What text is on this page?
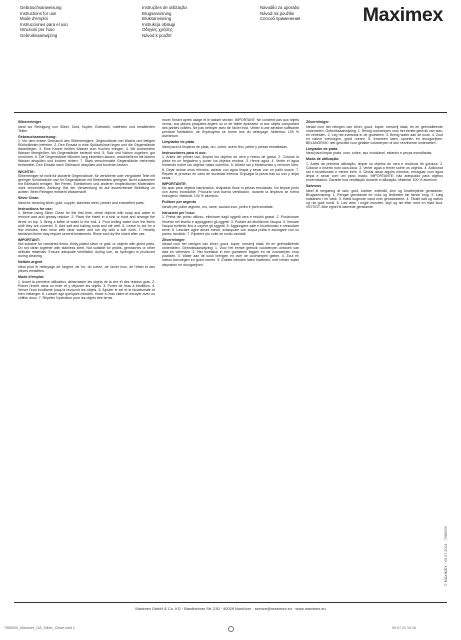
Gebrauchsanweisung
Instructions for use
Mode d'emploi
Instrucciones para el uso
Istruzioni per l'uso
Gebruiksaanwijzing
Instruções de utilização
Brugsanvisning
Bruksanvisning
Instrukcja obsługi
Οδηγίες χρήσης
Návod k použití
Navodilo za uporabo
Návod na použitie
Способ применения	Maximex
Silberreiniger

Ideal zur Reinigung von Silber, Gold, Kupfer, Edelstahl, rostfreien und emaillierten Teilen.

Gebrauchsanweisung:

1. Vor dem ersten Gebrauch des Silberreinigers, Gegenstände von Wachs und fettigen Rückständen befreien. 2. Den Einsatz in eine Spülschüssel legen und die Gegenstände darauflegen. 3. Eine Kanne heißes Wasser zum Kochen bringen. 4. Mit kochendem Wasser übergießen, bis Gegenstände bedeckt sind. 5. Salz und Natron zugeben, gut umrühren. 6. Die Gegenstände Minuten lang einwirken lassen, anschließend mit klarem Wasser abspülen und trocken reiben. 7. Stark verschmutzte Gegenstände mehrmals behandeln. Den Einsatz nach Gebrauch abspülen und trocknen lassen.

WICHTIG:

Silberreiniger ist nicht für lackierte Gegenstände, für versilberte oder vergoldete Teile mit geringer Schichtdicke und für Gegenstände mit Klebestellen geeignet. Nicht zusammen mit Edelstahl reinigen. Bei Perlen, Edelsteinen und anderen empfindlichen Materialien nicht verwenden. Achtung: Bei der Verwendung ist auf ausreichende Belüftung zu achten. Beim Reinigen entsteht Wasserstoff.

Silver Clean

Ideal for cleaning silver, gold, copper, stainless steel, pewter and enamelled parts.

Instructions for use:

1. Before using Silver Clean for the first time, clean objects with soap and water to remove wax and greasy residue. 2. Place the insert in a sink or bowl and arrange the items on top. 3. Bring a kettle of water to the boil. 4. Pour boiling water over the items until they are covered. 5. Add salt and baking soda and stir well. 6. Leave to act for a few minutes, then rinse with clear water and rub dry with a soft cloth. 7. Heavily tarnished items may require several treatments. Rinse and dry the insert after use.

IMPORTANT:

Not suitable for varnished items, thinly plated silver or gold, or objects with glued parts. Do not clean together with stainless steel. Not suitable for pearls, gemstones or other delicate materials. Ensure adequate ventilation during use, as hydrogen is produced during cleaning.

Nettoie-argent

Idéal pour le nettoyage de l'argent, de l'or, du cuivre, de l'acier inox, de l'étain et des pièces émaillées.

Mode d'emploi:

1. Avant la première utilisation, débarrasser les objets de la cire et des résidus gras. 2. Placer l'insert dans un évier et y déposer les objets. 3. Porter de l'eau à ébullition. 4. Verser l'eau bouillante jusqu'à recouvrir les objets. 5. Ajouter le sel et le bicarbonate et bien mélanger. 6. Laisser agir quelques minutes, rincer à l'eau claire et essuyer avec un chiffon doux. 7. Répéter l'opération pour les objets très ternis.

rincer l'insert après usage et le laisser sécher. IMPORTANT: Ne convient pas aux objets vernis, aux pièces plaquées argent ou or de faible épaisseur ni aux objets comportant des parties collées. Ne pas nettoyer avec de l'acier inox. Veiller à une aération suffisante pendant l'utilisation, de l'hydrogène se forme lors du nettoyage. Matériau: 100 % aluminium.

Limpiador de plata

Ideal para la limpieza de plata, oro, cobre, acero fino, peltre y piezas esmaltadas.

Instrucciones para el uso:

1. Antes del primer uso, limpiar los objetos de cera y restos de grasa. 2. Colocar la pieza en un fregadero y poner los objetos encima. 3. Hervir agua. 4. Verter el agua hirviendo sobre los objetos hasta cubrirlos. 5. Añadir sal y bicarbonato y remover bien. 6. Dejar actuar unos minutos, aclarar con agua limpia y secar con un paño suave. 7. Repetir el proceso en caso de suciedad intensa. Enjuagar la pieza tras su uso y dejar secar.

IMPORTANTE:

No apto para objetos barnizados, chapados finos ni piezas encoladas. No limpiar junto con acero inoxidable. Procurar una buena ventilación, durante la limpieza se forma hidrógeno. Material: 100 % aluminio.

Pulitore per argento

Ideale per pulire argento, oro, rame, acciaio inox, peltro e parti smaltate.

Istruzioni per l'uso:

1. Prima del primo utilizzo, eliminare dagli oggetti cera e residui grassi. 2. Posizionare l'inserto nel lavello e appoggiarvi gli oggetti. 3. Portare ad ebollizione l'acqua. 4. Versare l'acqua bollente fino a coprire gli oggetti. 5. Aggiungere sale e bicarbonato e mescolare bene. 6. Lasciare agire alcuni minuti, sciacquare con acqua pulita e asciugare con un panno morbido. 7. Ripetere più volte se molto ossidati.

Zilverreiniger

Ideaal voor het reinigen van zilver, goud, koper, roestvrij staal, tin en geëmailleerde onderdelen. Gebruiksaanwijzing: 1. Voor het eerste gebruik voorwerpen ontdoen van was en vetresten. 2. Het inzetstuk in een gootsteen leggen en de voorwerpen erop plaatsen. 3. Water aan de kook brengen en over de voorwerpen gieten. 4. Zout en natron toevoegen en goed roeren. 5. Enkele minuten laten inwerken, met helder water afspoelen en droogwrijven.

Zilverreiniger

Ideaal voor het reinigen van zilver, goud, koper, roestvrij staal, tin en geëmailleerde onderdelen. Gebruiksaanwijzing: 1. Reinig voorwerpen voor het eerste gebruik van was- en vetresten. 2. Leg het inzetstuk in de gootsteen. 3. Breng water aan de kook. 4. Zout en natron toevoegen, goed roeren. 5. Inwerken laten, spoelen en droogwrijven. BELANGRIJK: niet geschikt voor gelakte voorwerpen of dun verzilverde onderdelen.

Limpador de prata

Ideal para limpar prata, ouro, cobre, aço inoxidável, estanho e peças esmaltadas.

Modo de utilização:

1. Antes da primeira utilização, limpar os objetos de cera e resíduos de gordura. 2. Colocar o inserto num lava-loiça. 3. Verter água a ferver sobre os objetos. 4. Adicionar sal e bicarbonato e mexer bem. 5. Deixar atuar alguns minutos, enxaguar com água limpa e secar com um pano macio. IMPORTANTE: não adequado para objetos envernizados. Garantir boa ventilação durante a utilização. Material: 100 % alumínio.

Sølvrens

Ideel til rengøring af sølv, guld, kobber, edelstål, zinn og forarbejdede genstande. Brugsanvisning: 1. Rengør genstande for voks og fedtrester før første brug. 2. Læg indsatsen i en vask. 3. Hæld kogende vand over genstandene. 4. Tilsæt salt og natron og rør godt rundt. 5. Lad virke i nogle minutter, skyl og tør efter med en blød klud. VIGTIGT: Ikke egnet til lakerede genstande.

Maximex GmbH & Co. KG · Bandheimer Str. 230 · 40029 Nordhorn · service@maximex.eu · www.maximex.eu
© MAXIMEX · 09.07.2021 · 7985000
7985000_Maximex_GA_Silber_Clean.indd 1	09.07.21 10:16
